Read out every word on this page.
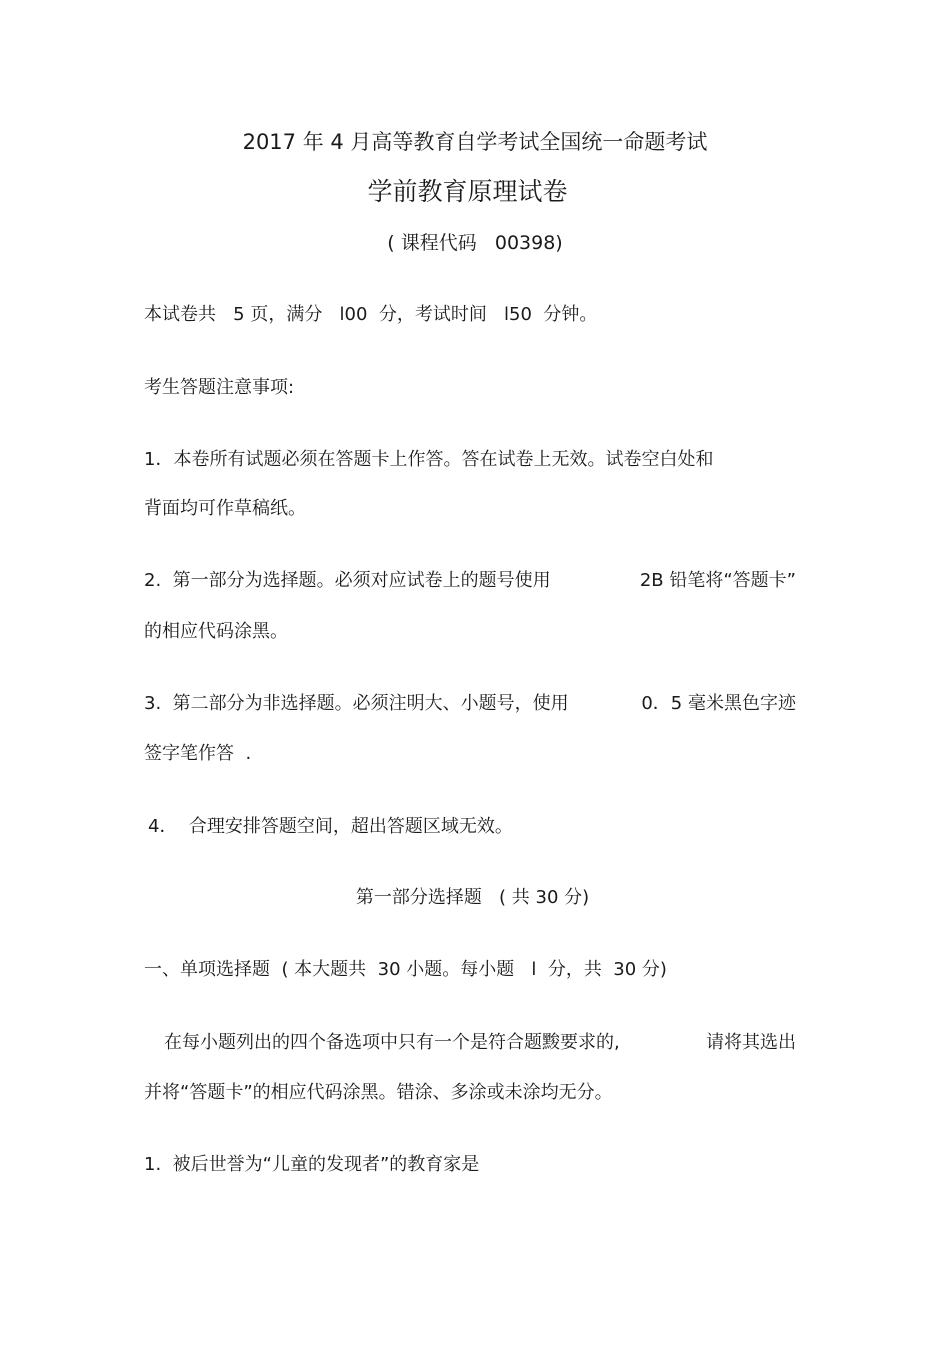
2017 年 4 月高等教育自学考试全国统一命题考试
学前教育原理试卷
( 课程代码   00398)
本试卷共   5 页，满分   l00  分，考试时间   l50  分钟。
考生答题注意事项:
1．本卷所有试题必须在答题卡上作答。答在试卷上无效。试卷空白处和
背面均可作草稿纸。
2.  第一部分为选择题。必须对应试卷上的题号使用	2B 铅笔将“答题卡”
的相应代码涂黑。
3.  第二部分为非选择题。必须注明大、小题号，使用	0．5 毫米黑色字迹
签字笔作答  .
4．  合理安排答题空间，超出答题区域无效。
第一部分选择题   ( 共 30 分)
一、单项选择题  ( 本大题共  30 小题。每小题   l  分，共  30 分)
在每小题列出的四个备选项中只有一个是符合题黢要求的,	请将其选出
并将“答题卡”的相应代码涂黑。错涂、多涂或未涂均无分。
1.  被后世誉为“儿童的发现者”的教育家是
